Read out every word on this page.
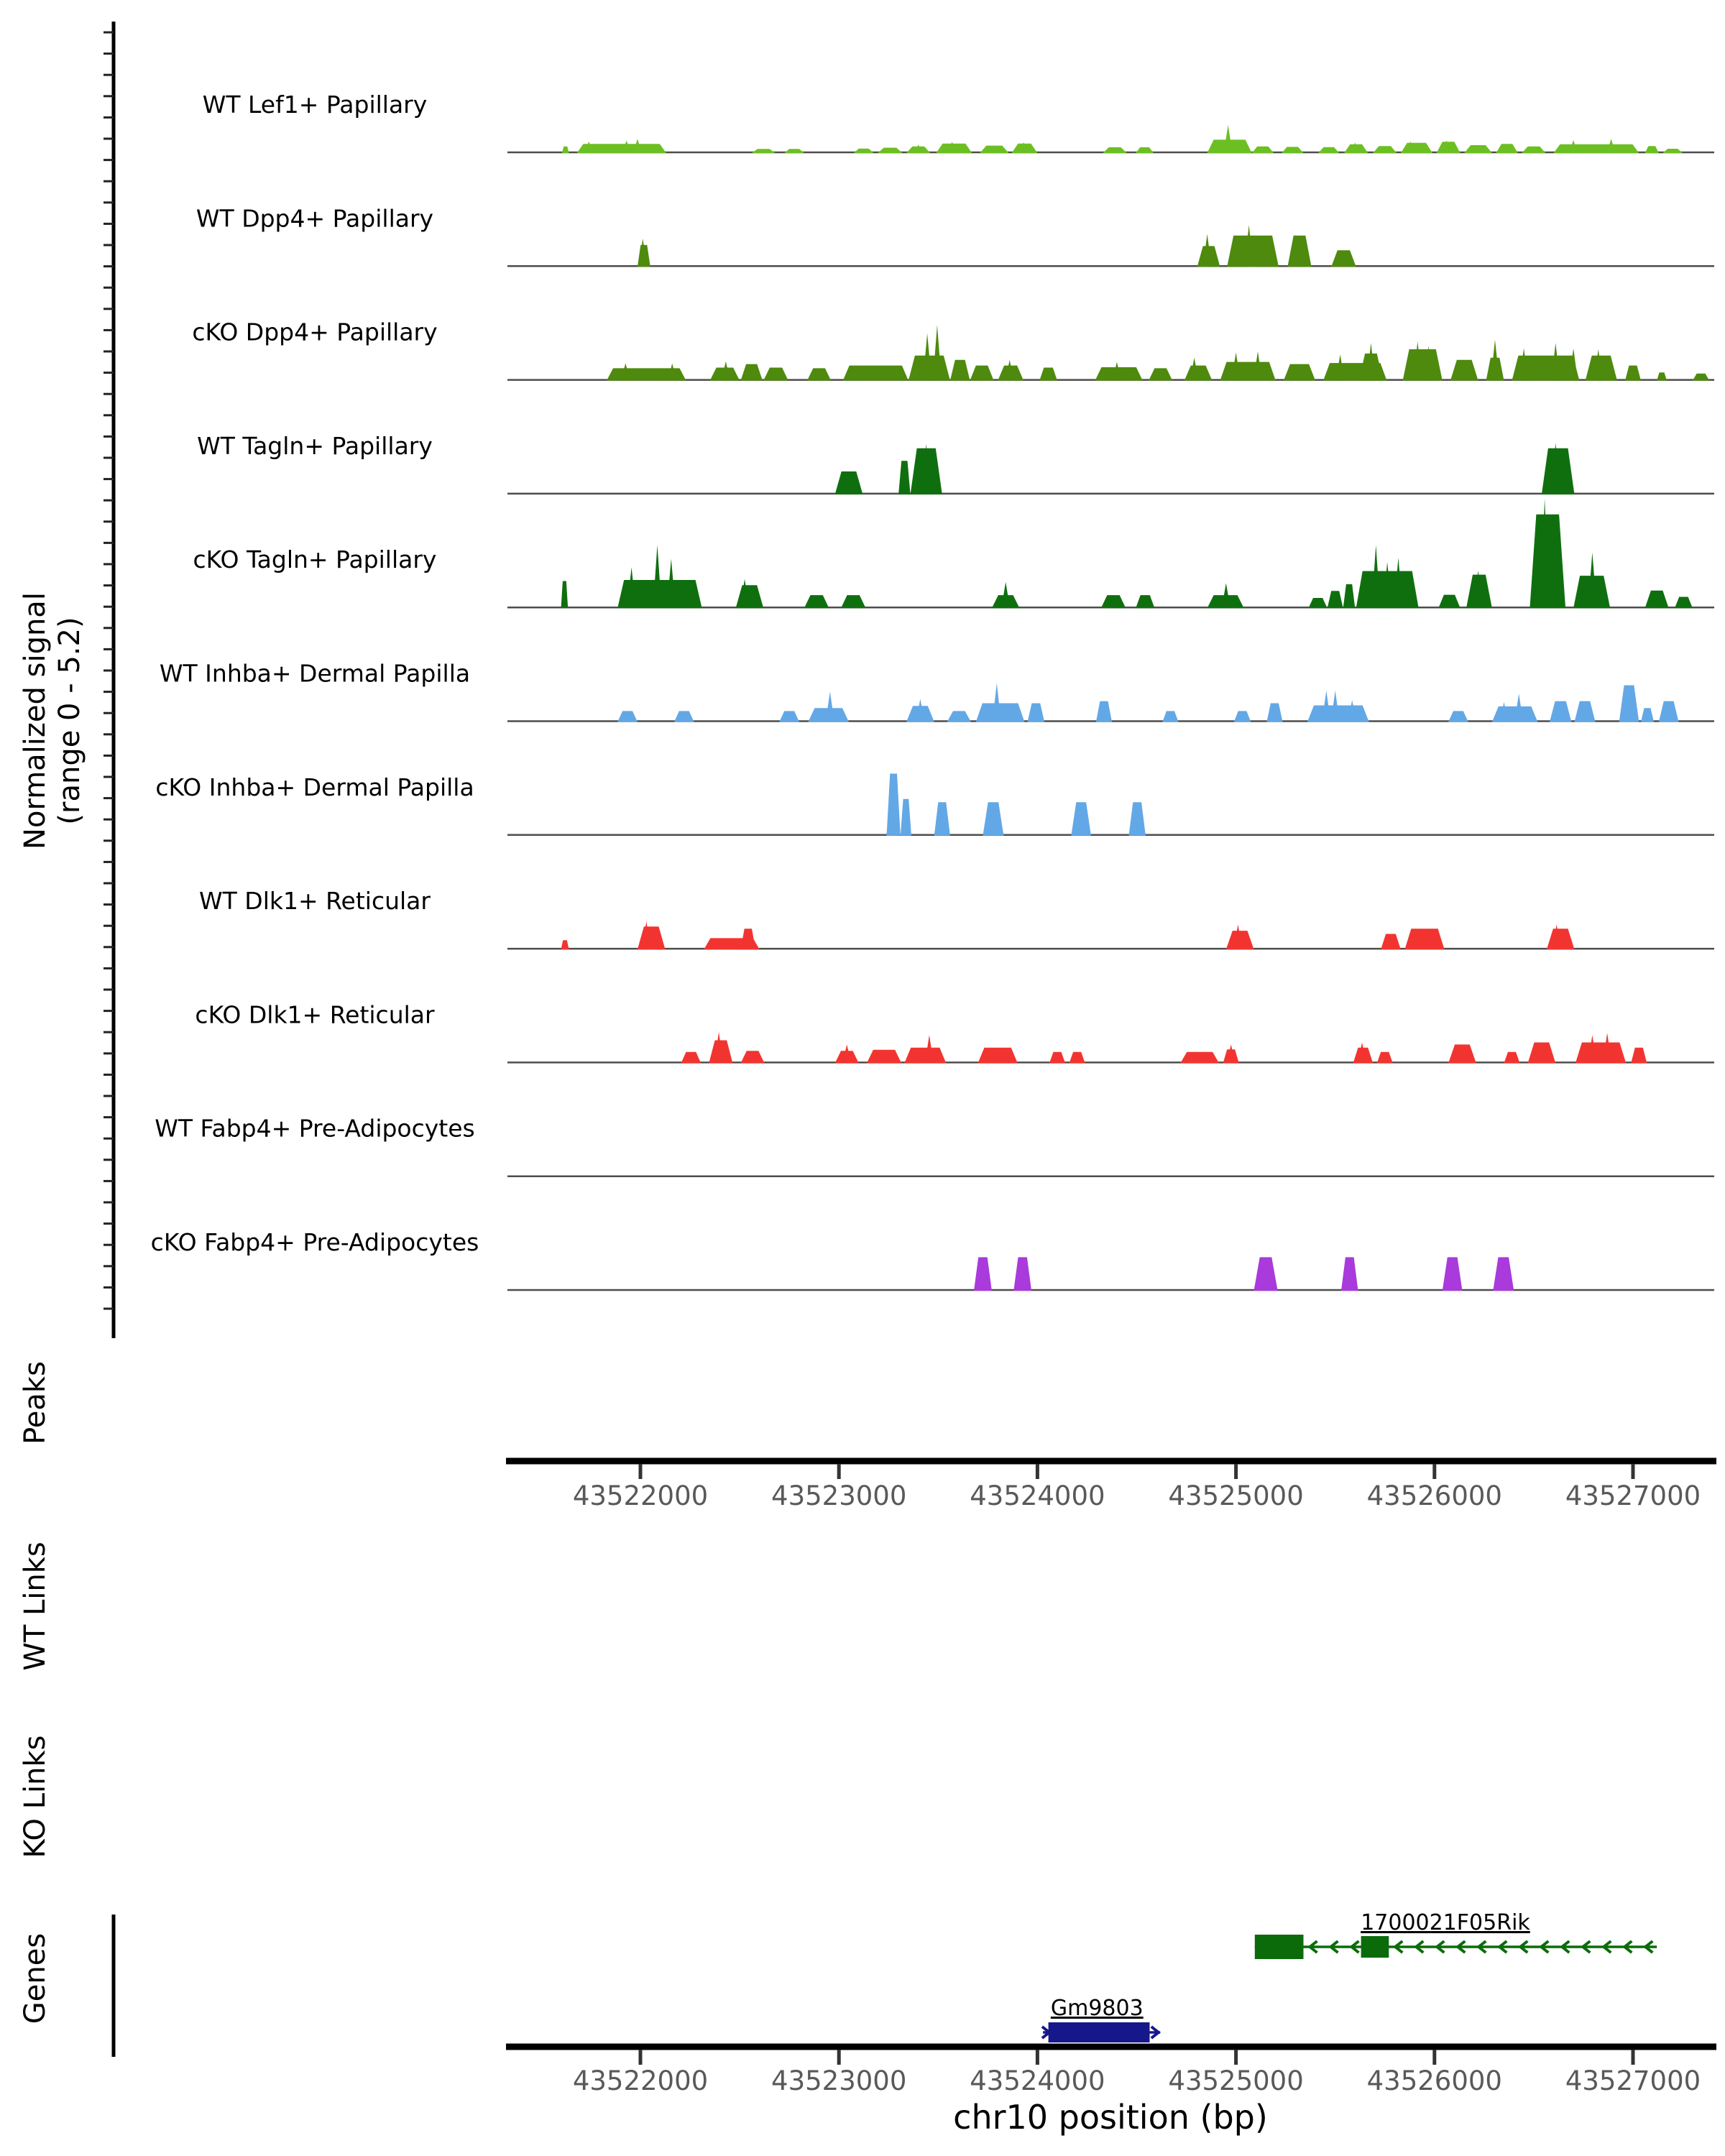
Normalized signal (range 0 - 5.2)
WT Lef1+ Papillary
WT Dpp4+ Papillary
cKO Dpp4+ Papillary
WT Tagln+ Papillary
cKO Tagln+ Papillary
WT Inhba+ Dermal Papilla
cKO Inhba+ Dermal Papilla
WT Dlk1+ Reticular
cKO Dlk1+ Reticular
WT Fabp4+ Pre-Adipocytes
cKO Fabp4+ Pre-Adipocytes
Peaks
WT Links
KO Links
Genes
43522000 43523000 43524000 43525000 43526000 43527000
1700021F05Rik
Gm9803
43522000 43523000 43524000 43525000 43526000 43527000
chr10 position (bp)
